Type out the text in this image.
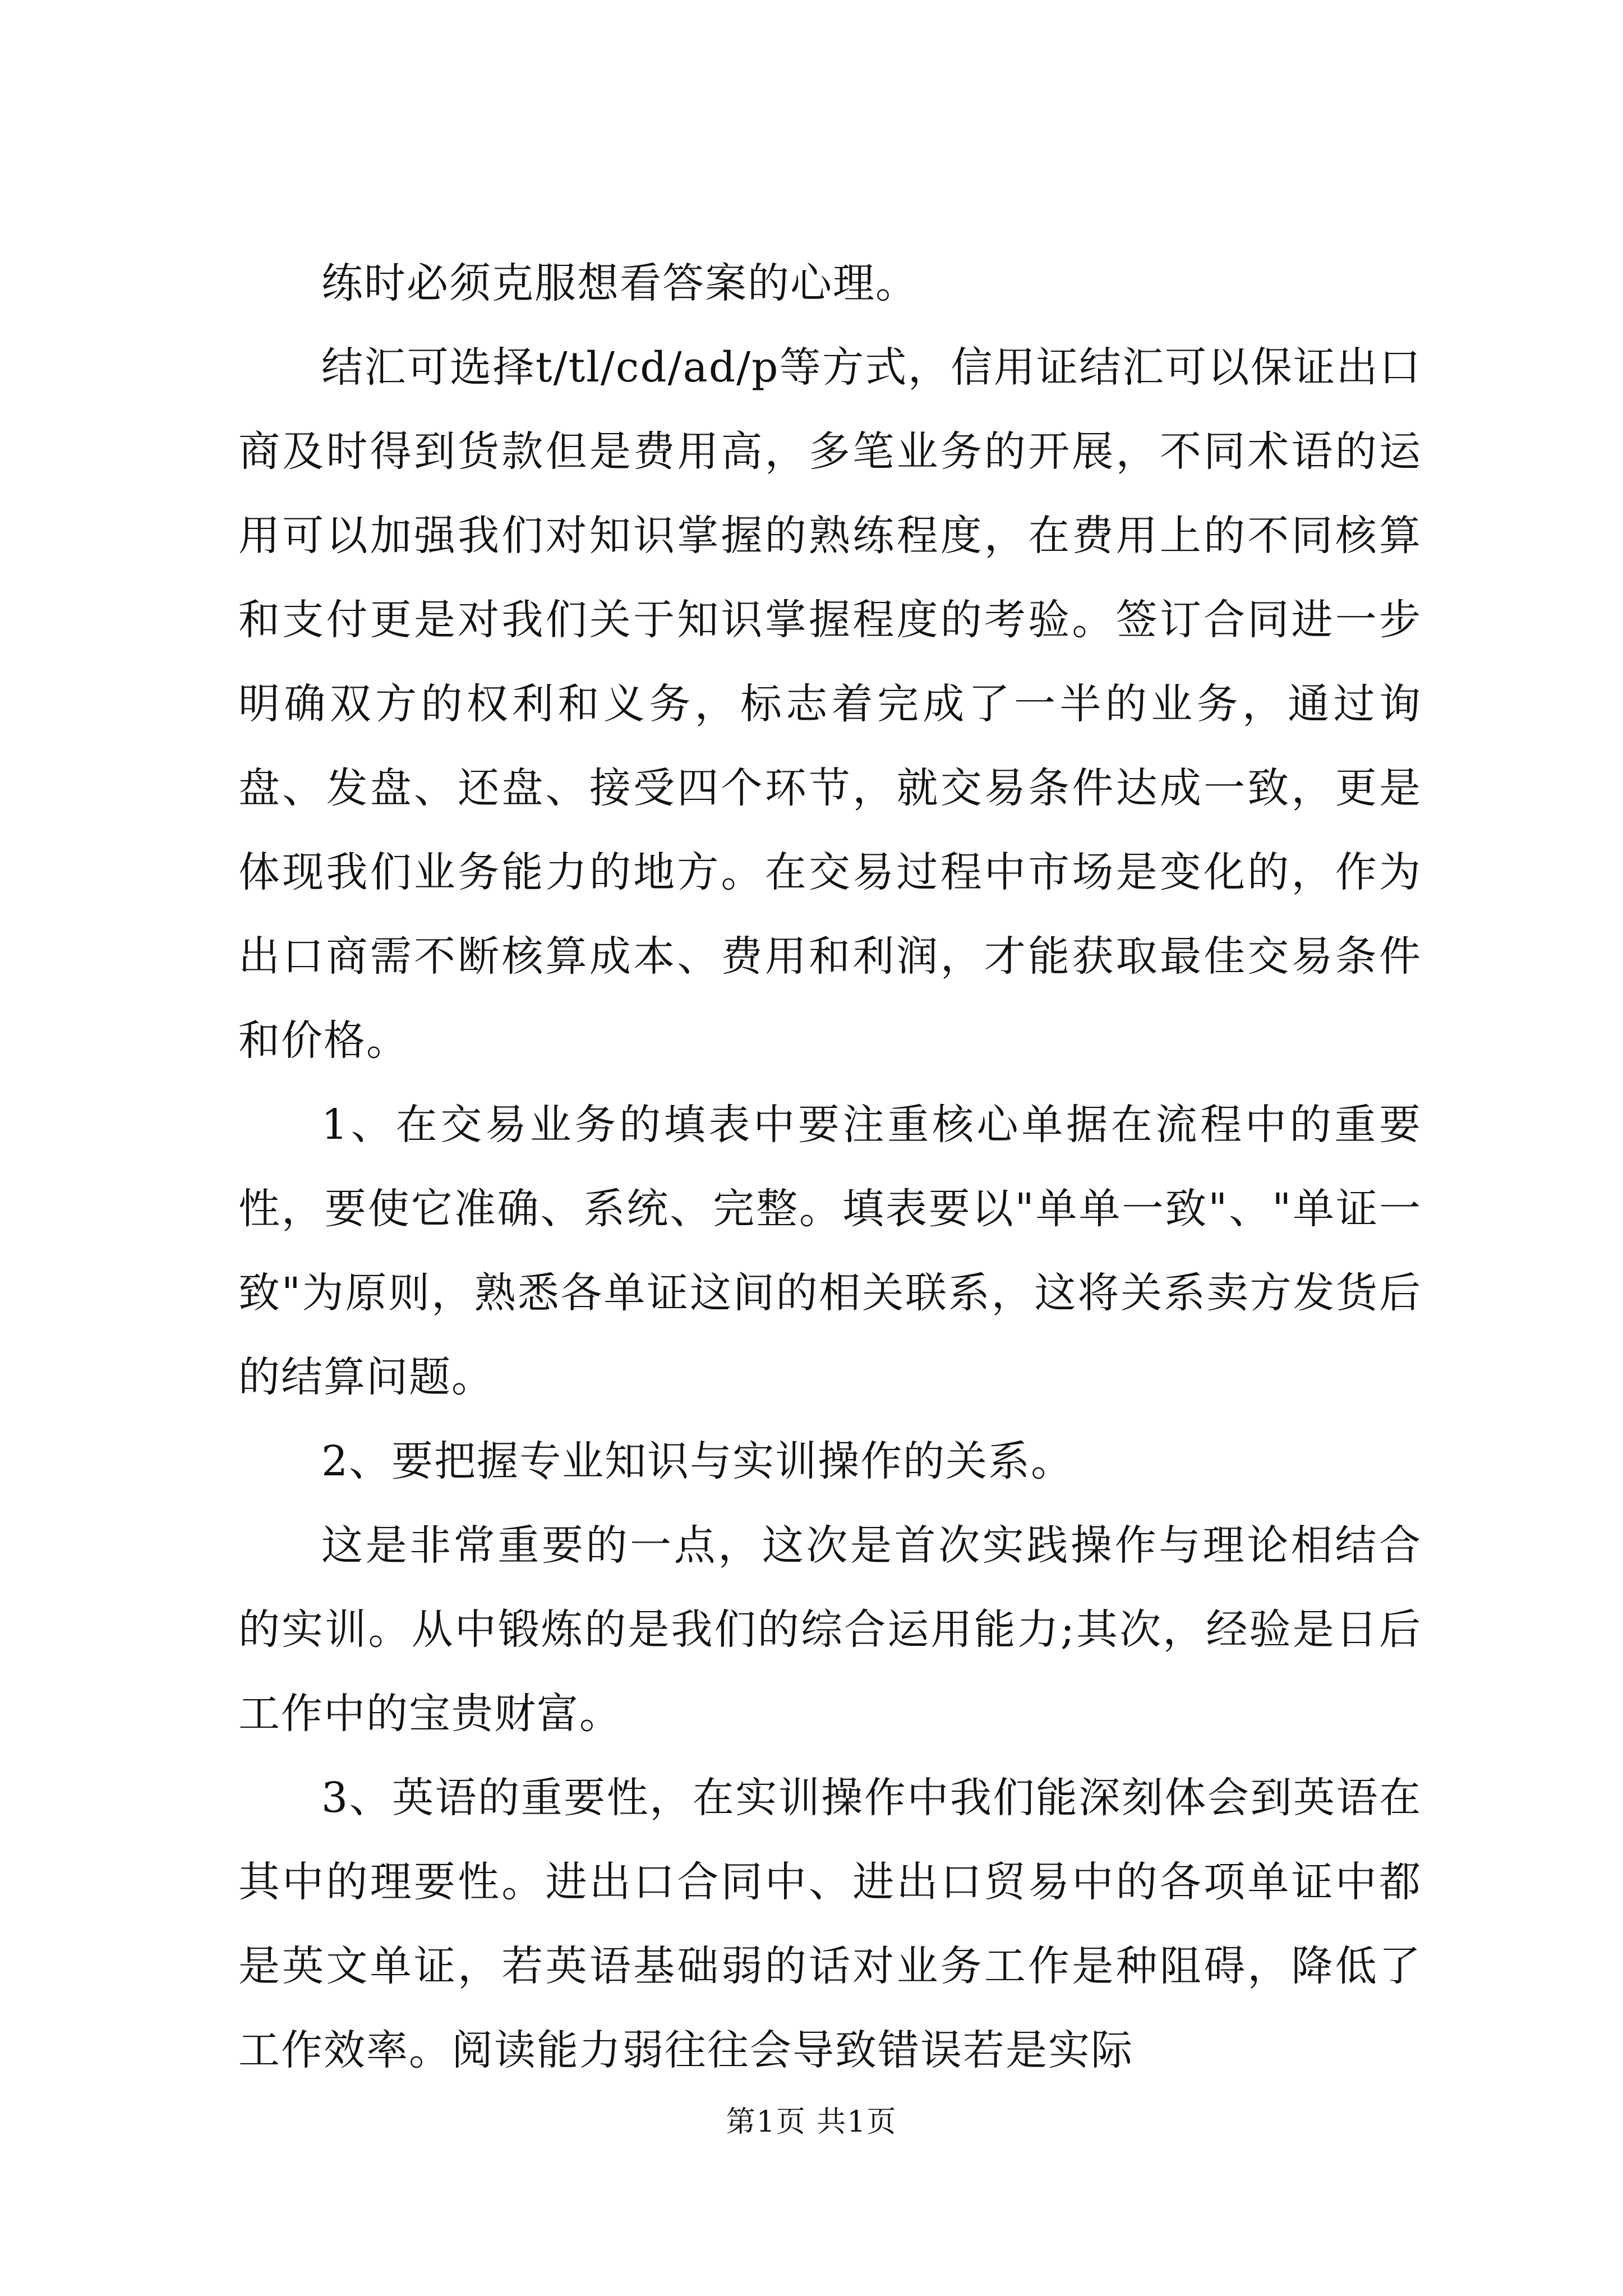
练时必须克服想看答案的心理。

结汇可选择t/tl/cd/ad/p等方式，信用证结汇可以保证出口商及时得到货款但是费用高，多笔业务的开展，不同术语的运用可以加强我们对知识掌握的熟练程度，在费用上的不同核算和支付更是对我们关于知识掌握程度的考验。签订合同进一步明确双方的权利和义务，标志着完成了一半的业务，通过询盘、发盘、还盘、接受四个环节，就交易条件达成一致，更是体现我们业务能力的地方。在交易过程中市场是变化的，作为出口商需不断核算成本、费用和利润，才能获取最佳交易条件和价格。

1、在交易业务的填表中要注重核心单据在流程中的重要性，要使它准确、系统、完整。填表要以"单单一致"、"单证一致"为原则，熟悉各单证这间的相关联系，这将关系卖方发货后的结算问题。

2、要把握专业知识与实训操作的关系。

这是非常重要的一点，这次是首次实践操作与理论相结合的实训。从中锻炼的是我们的综合运用能力;其次，经验是日后工作中的宝贵财富。

3、英语的重要性，在实训操作中我们能深刻体会到英语在其中的理要性。进出口合同中、进出口贸易中的各项单证中都是英文单证，若英语基础弱的话对业务工作是种阻碍，降低了工作效率。阅读能力弱往往会导致错误若是实际

第1页 共1页
